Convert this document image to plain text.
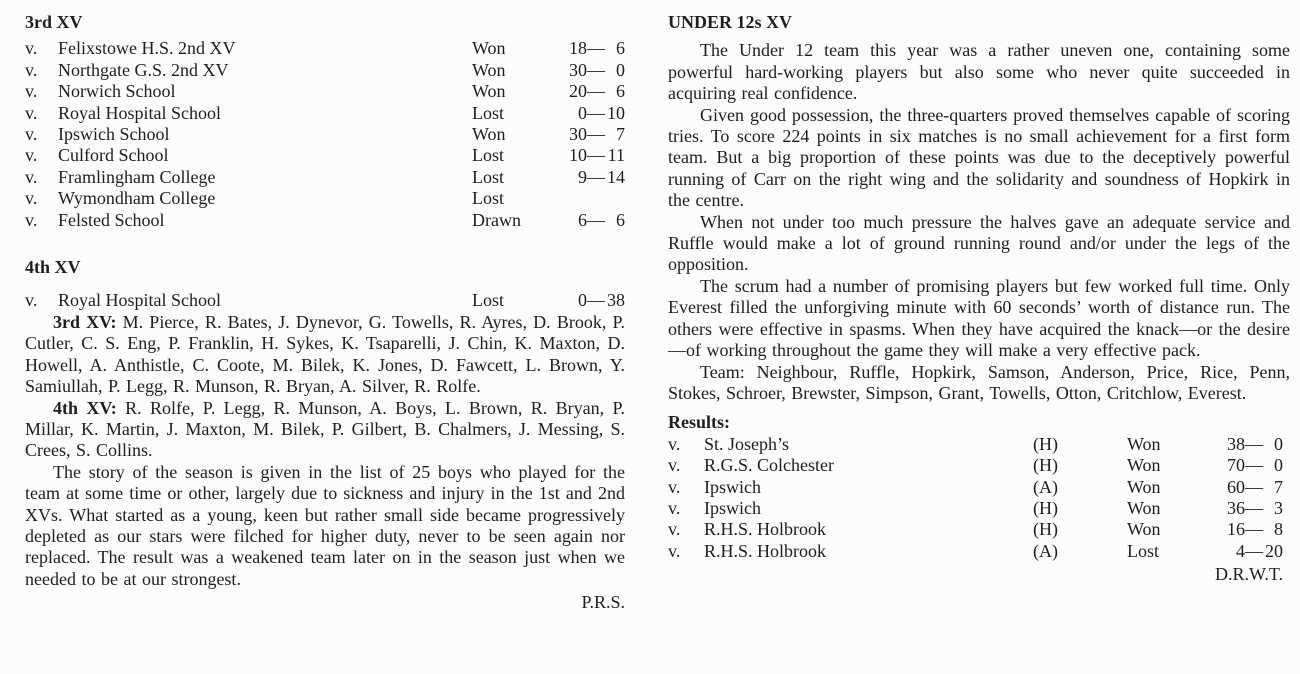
3rd XV
v.	Felixstowe H.S. 2nd XV	Won	18 — 6
v.	Northgate G.S. 2nd XV	Won	30 — 0
v.	Norwich School	Won	20 — 6
v.	Royal Hospital School	Lost	0 — 10
v.	Ipswich School	Won	30 — 7
v.	Culford School	Lost	10 — 11
v.	Framlingham College	Lost	9 — 14
v.	Wymondham College	Lost
v.	Felsted School	Drawn	6 — 6
4th XV
v.	Royal Hospital School	Lost	0 — 38

3rd XV: M. Pierce, R. Bates, J. Dynevor, G. Towells, R. Ayres, D. Brook, P. Cutler, C. S. Eng, P. Franklin, H. Sykes, K. Tsaparelli, J. Chin, K. Maxton, D. Howell, A. Anthistle, C. Coote, M. Bilek, K. Jones, D. Fawcett, L. Brown, Y. Samiullah, P. Legg, R. Munson, R. Bryan, A. Silver, R. Rolfe.

4th XV: R. Rolfe, P. Legg, R. Munson, A. Boys, L. Brown, R. Bryan, P. Millar, K. Martin, J. Maxton, M. Bilek, P. Gilbert, B. Chalmers, J. Messing, S. Crees, S. Collins.

The story of the season is given in the list of 25 boys who played for the team at some time or other, largely due to sickness and injury in the 1st and 2nd XVs. What started as a young, keen but rather small side became progressively depleted as our stars were filched for higher duty, never to be seen again nor replaced. The result was a weakened team later on in the season just when we needed to be at our strongest.

P.R.S.
UNDER 12s XV

The Under 12 team this year was a rather uneven one, containing some powerful hard-working players but also some who never quite succeeded in acquiring real confidence.

Given good possession, the three-quarters proved themselves capable of scoring tries. To score 224 points in six matches is no small achievement for a first form team. But a big proportion of these points was due to the deceptively powerful running of Carr on the right wing and the solidarity and soundness of Hopkirk in the centre.

When not under too much pressure the halves gave an adequate service and Ruffle would make a lot of ground running round and/or under the legs of the opposition.

The scrum had a number of promising players but few worked full time. Only Everest filled the unforgiving minute with 60 seconds’ worth of distance run. The others were effective in spasms. When they have acquired the knack—or the desire—of working throughout the game they will make a very effective pack.

Team: Neighbour, Ruffle, Hopkirk, Samson, Anderson, Price, Rice, Penn, Stokes, Schroer, Brewster, Simpson, Grant, Towells, Otton, Critchlow, Everest.

Results:
v.	St. Joseph’s	(H)	Won	38 — 0
v.	R.G.S. Colchester	(H)	Won	70 — 0
v.	Ipswich	(A)	Won	60 — 7
v.	Ipswich	(H)	Won	36 — 3
v.	R.H.S. Holbrook	(H)	Won	16 — 8
v.	R.H.S. Holbrook	(A)	Lost	4 — 20
D.R.W.T.
